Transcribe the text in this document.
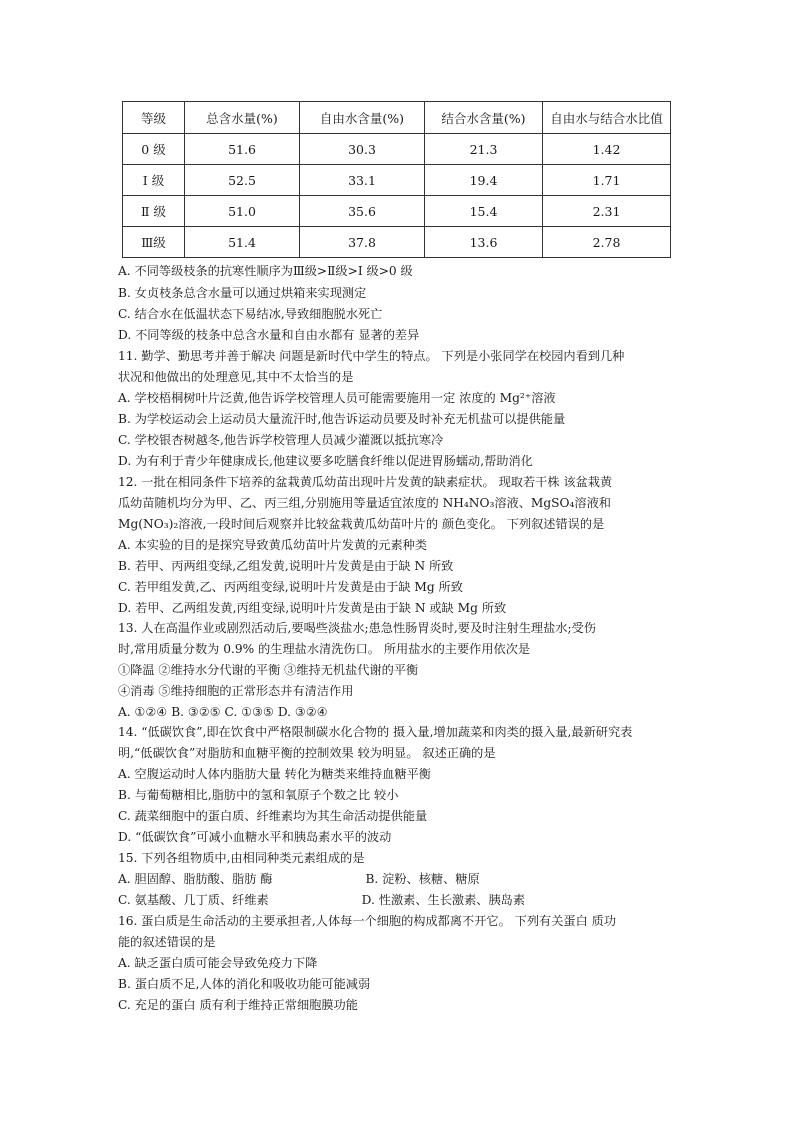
等级	总含水量(%)	自由水含量(%)	结合水含量(%)	自由水与结合水比值
0 级	51.6	30.3	21.3	1.42
Ⅰ 级	52.5	33.1	19.4	1.71
Ⅱ 级	51.0	35.6	15.4	2.31
Ⅲ级	51.4	37.8	13.6	2.78
A. 不同等级枝条的抗寒性顺序为Ⅲ级>Ⅱ级>I 级>0 级
B. 女贞枝条总含水量可以通过烘箱来实现测定
C. 结合水在低温状态下易结冰,导致细胞脱水死亡
D. 不同等级的枝条中总含水量和自由水都有 显著的差异
11. 勤学、勤思考并善于解决 问题是新时代中学生的特点。 下列是小张同学在校园内看到几种
状况和他做出的处理意见,其中不太恰当的是
A. 学校梧桐树叶片泛黄,他告诉学校管理人员可能需要施用一定 浓度的 Mg²⁺溶液
B. 为学校运动会上运动员大量流汗时,他告诉运动员要及时补充无机盐可以提供能量
C. 学校银杏树越冬,他告诉学校管理人员减少灌溉以抵抗寒冷
D. 为有利于青少年健康成长,他建议要多吃膳食纤维以促进胃肠蠕动,帮助消化
12. 一批在相同条件下培养的盆栽黄瓜幼苗出现叶片发黄的缺素症状。 现取若干株 该盆栽黄
瓜幼苗随机均分为甲、乙、丙三组,分别施用等量适宜浓度的 NH₄NO₃溶液、MgSO₄溶液和
Mg(NO₃)₂溶液,一段时间后观察并比较盆栽黄瓜幼苗叶片的 颜色变化。 下列叙述错误的是
A. 本实验的目的是探究导致黄瓜幼苗叶片发黄的元素种类
B. 若甲、丙两组变绿,乙组发黄,说明叶片发黄是由于缺 N 所致
C. 若甲组发黄,乙、丙两组变绿,说明叶片发黄是由于缺 Mg 所致
D. 若甲、乙两组发黄,丙组变绿,说明叶片发黄是由于缺 N 或缺 Mg 所致
13. 人在高温作业或剧烈活动后,要喝些淡盐水;患急性肠胃炎时,要及时注射生理盐水;受伤
时,常用质量分数为 0.9% 的生理盐水清洗伤口。 所用盐水的主要作用依次是
①降温 ②维持水分代谢的平衡 ③维持无机盐代谢的平衡
④消毒 ⑤维持细胞的正常形态并有清洁作用
A. ①②④ B. ③②⑤ C. ①③⑤ D. ③②④
14. “低碳饮食”,即在饮食中严格限制碳水化合物的 摄入量,增加蔬菜和肉类的摄入量,最新研究表
明,“低碳饮食”对脂肪和血糖平衡的控制效果 较为明显。 叙述正确的是
A. 空腹运动时人体内脂肪大量 转化为糖类来维持血糖平衡
B. 与葡萄糖相比,脂肪中的氢和氧原子个数之比 较小
C. 蔬菜细胞中的蛋白质、纤维素均为其生命活动提供能量
D. “低碳饮食”可减小血糖水平和胰岛素水平的波动
15. 下列各组物质中,由相同种类元素组成的是
A. 胆固醇、脂肪酸、脂肪 酶                        B. 淀粉、核糖、糖原
C. 氨基酸、几丁质、纤维素                        D. 性激素、生长激素、胰岛素
16. 蛋白质是生命活动的主要承担者,人体每一个细胞的构成都离不开它。 下列有关蛋白 质功
能的叙述错误的是
A. 缺乏蛋白质可能会导致免疫力下降
B. 蛋白质不足,人体的消化和吸收功能可能减弱
C. 充足的蛋白 质有利于维持正常细胞膜功能
